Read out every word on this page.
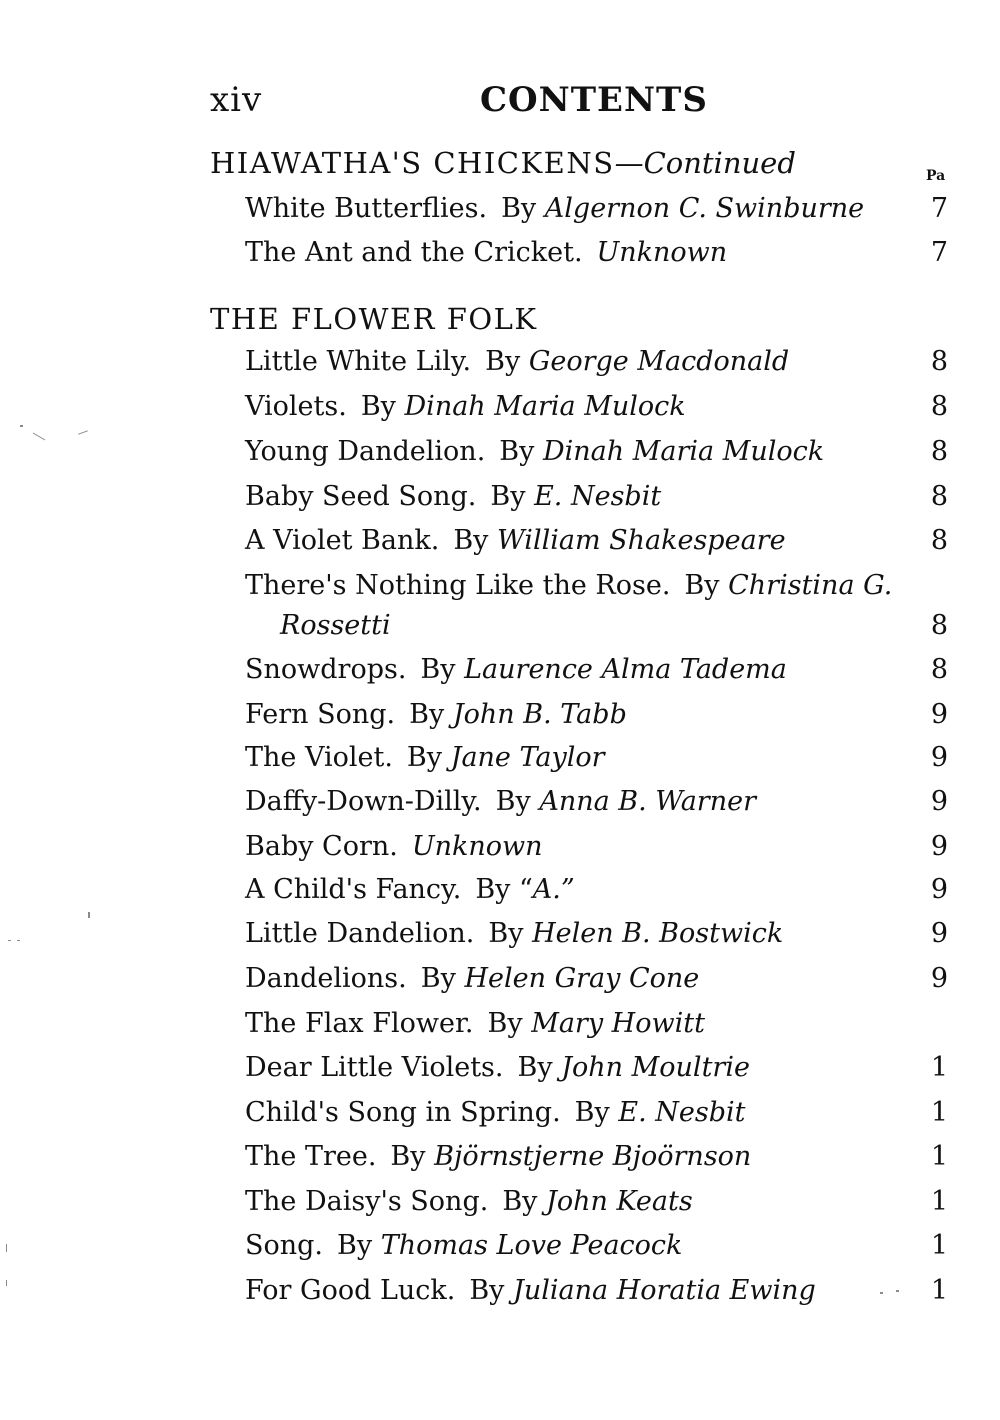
xiv	CONTENTS
HIAWATHA'S CHICKENS—Continued	Pa
White Butterflies. By Algernon C. Swinburne	7
The Ant and the Cricket. Unknown	7
THE FLOWER FOLK
Little White Lily. By George Macdonald	8
Violets. By Dinah Maria Mulock	8
Young Dandelion. By Dinah Maria Mulock	8
Baby Seed Song. By E. Nesbit	8
A Violet Bank. By William Shakespeare	8
There's Nothing Like the Rose. By Christina G.
Rossetti	8
Snowdrops. By Laurence Alma Tadema	8
Fern Song. By John B. Tabb	9
The Violet. By Jane Taylor	9
Daffy-Down-Dilly. By Anna B. Warner	9
Baby Corn. Unknown	9
A Child's Fancy. By “A.”	9
Little Dandelion. By Helen B. Bostwick	9
Dandelions. By Helen Gray Cone	9
The Flax Flower. By Mary Howitt
Dear Little Violets. By John Moultrie	1
Child's Song in Spring. By E. Nesbit	1
The Tree. By Björnstjerne Bjoörnson	1
The Daisy's Song. By John Keats	1
Song. By Thomas Love Peacock	1
For Good Luck. By Juliana Horatia Ewing	1
